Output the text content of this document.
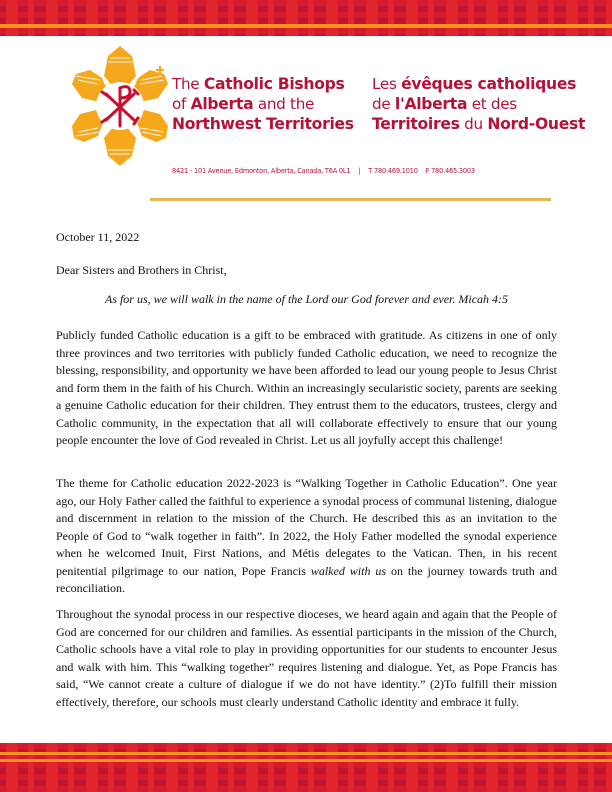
The Catholic Bishops
of Alberta and the
Northwest Territories
Les évêques catholiques
de l'Alberta et des
Territoires du Nord-Ouest
8421 - 101 Avenue, Edmonton, Alberta, Canada, T6A 0L1 | T 780.469.1010 F 780.465.3003
October 11, 2022
Dear Sisters and Brothers in Christ,
As for us, we will walk in the name of the Lord our God forever and ever. Micah 4:5
Publicly funded Catholic education is a gift to be embraced with gratitude. As citizens in one of only three provinces and two territories with publicly funded Catholic education, we need to recognize the blessing, responsibility, and opportunity we have been afforded to lead our young people to Jesus Christ and form them in the faith of his Church. Within an increasingly secularistic society, parents are seeking a genuine Catholic education for their children. They entrust them to the educators, trustees, clergy and Catholic community, in the expectation that all will collaborate effectively to ensure that our young people encounter the love of God revealed in Christ. Let us all joyfully accept this challenge!
The theme for Catholic education 2022-2023 is “Walking Together in Catholic Education”. One year ago, our Holy Father called the faithful to experience a synodal process of communal listening, dialogue and discernment in relation to the mission of the Church. He described this as an invitation to the People of God to “walk together in faith”. In 2022, the Holy Father modelled the synodal experience when he welcomed Inuit, First Nations, and Métis delegates to the Vatican. Then, in his recent penitential pilgrimage to our nation, Pope Francis walked with us on the journey towards truth and reconciliation.
Throughout the synodal process in our respective dioceses, we heard again and again that the People of God are concerned for our children and families. As essential participants in the mission of the Church, Catholic schools have a vital role to play in providing opportunities for our students to encounter Jesus and walk with him. This “walking together” requires listening and dialogue. Yet, as Pope Francis has said, “We cannot create a culture of dialogue if we do not have identity.” (2)To fulfill their mission effectively, therefore, our schools must clearly understand Catholic identity and embrace it fully.
